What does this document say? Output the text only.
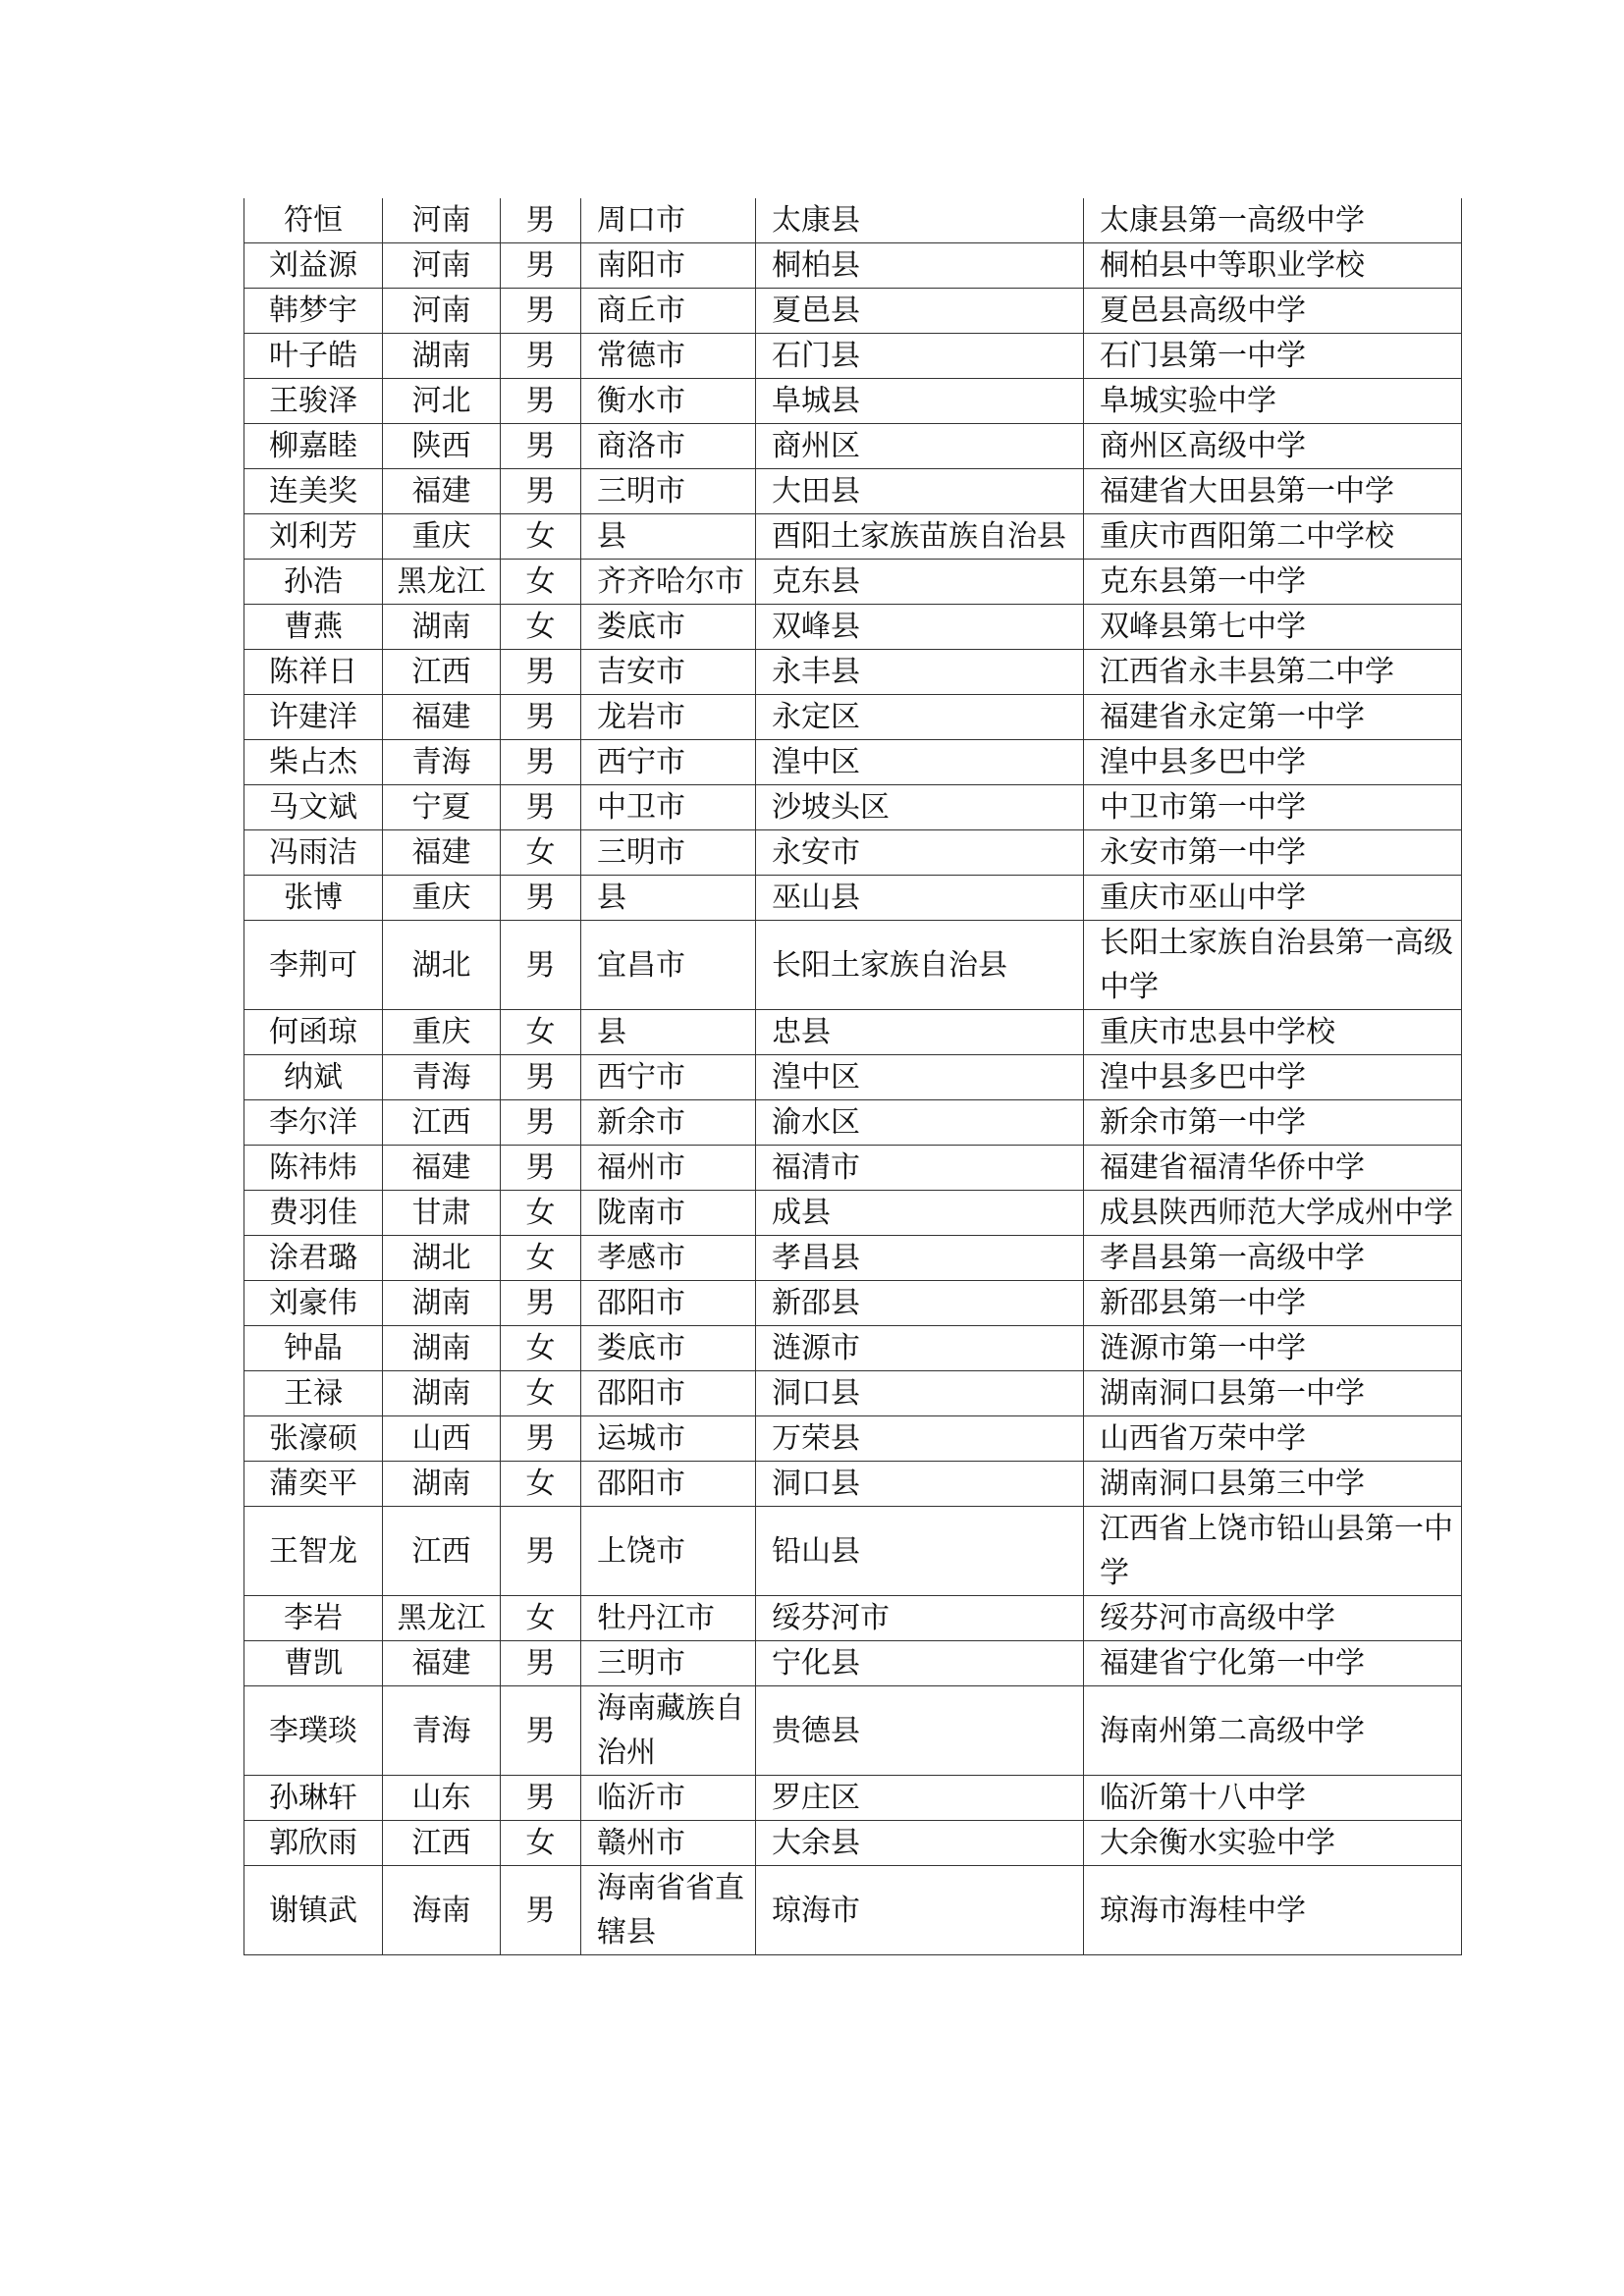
符恒	河南	男	周口市	太康县	太康县第一高级中学
刘益源	河南	男	南阳市	桐柏县	桐柏县中等职业学校
韩梦宇	河南	男	商丘市	夏邑县	夏邑县高级中学
叶子皓	湖南	男	常德市	石门县	石门县第一中学
王骏泽	河北	男	衡水市	阜城县	阜城实验中学
柳嘉睦	陕西	男	商洛市	商州区	商州区高级中学
连美奖	福建	男	三明市	大田县	福建省大田县第一中学
刘利芳	重庆	女	县	酉阳土家族苗族自治县	重庆市酉阳第二中学校
孙浩	黑龙江	女	齐齐哈尔市	克东县	克东县第一中学
曹燕	湖南	女	娄底市	双峰县	双峰县第七中学
陈祥日	江西	男	吉安市	永丰县	江西省永丰县第二中学
许建洋	福建	男	龙岩市	永定区	福建省永定第一中学
柴占杰	青海	男	西宁市	湟中区	湟中县多巴中学
马文斌	宁夏	男	中卫市	沙坡头区	中卫市第一中学
冯雨洁	福建	女	三明市	永安市	永安市第一中学
张博	重庆	男	县	巫山县	重庆市巫山中学
李荆可	湖北	男	宜昌市	长阳土家族自治县	长阳土家族自治县第一高级中学
何函琼	重庆	女	县	忠县	重庆市忠县中学校
纳斌	青海	男	西宁市	湟中区	湟中县多巴中学
李尔洋	江西	男	新余市	渝水区	新余市第一中学
陈祎炜	福建	男	福州市	福清市	福建省福清华侨中学
费羽佳	甘肃	女	陇南市	成县	成县陕西师范大学成州中学
涂君璐	湖北	女	孝感市	孝昌县	孝昌县第一高级中学
刘豪伟	湖南	男	邵阳市	新邵县	新邵县第一中学
钟晶	湖南	女	娄底市	涟源市	涟源市第一中学
王禄	湖南	女	邵阳市	洞口县	湖南洞口县第一中学
张濠硕	山西	男	运城市	万荣县	山西省万荣中学
蒲奕平	湖南	女	邵阳市	洞口县	湖南洞口县第三中学
王智龙	江西	男	上饶市	铅山县	江西省上饶市铅山县第一中学
李岩	黑龙江	女	牡丹江市	绥芬河市	绥芬河市高级中学
曹凯	福建	男	三明市	宁化县	福建省宁化第一中学
李璞琰	青海	男	海南藏族自治州	贵德县	海南州第二高级中学
孙琳轩	山东	男	临沂市	罗庄区	临沂第十八中学
郭欣雨	江西	女	赣州市	大余县	大余衡水实验中学
谢镇武	海南	男	海南省省直辖县	琼海市	琼海市海桂中学
